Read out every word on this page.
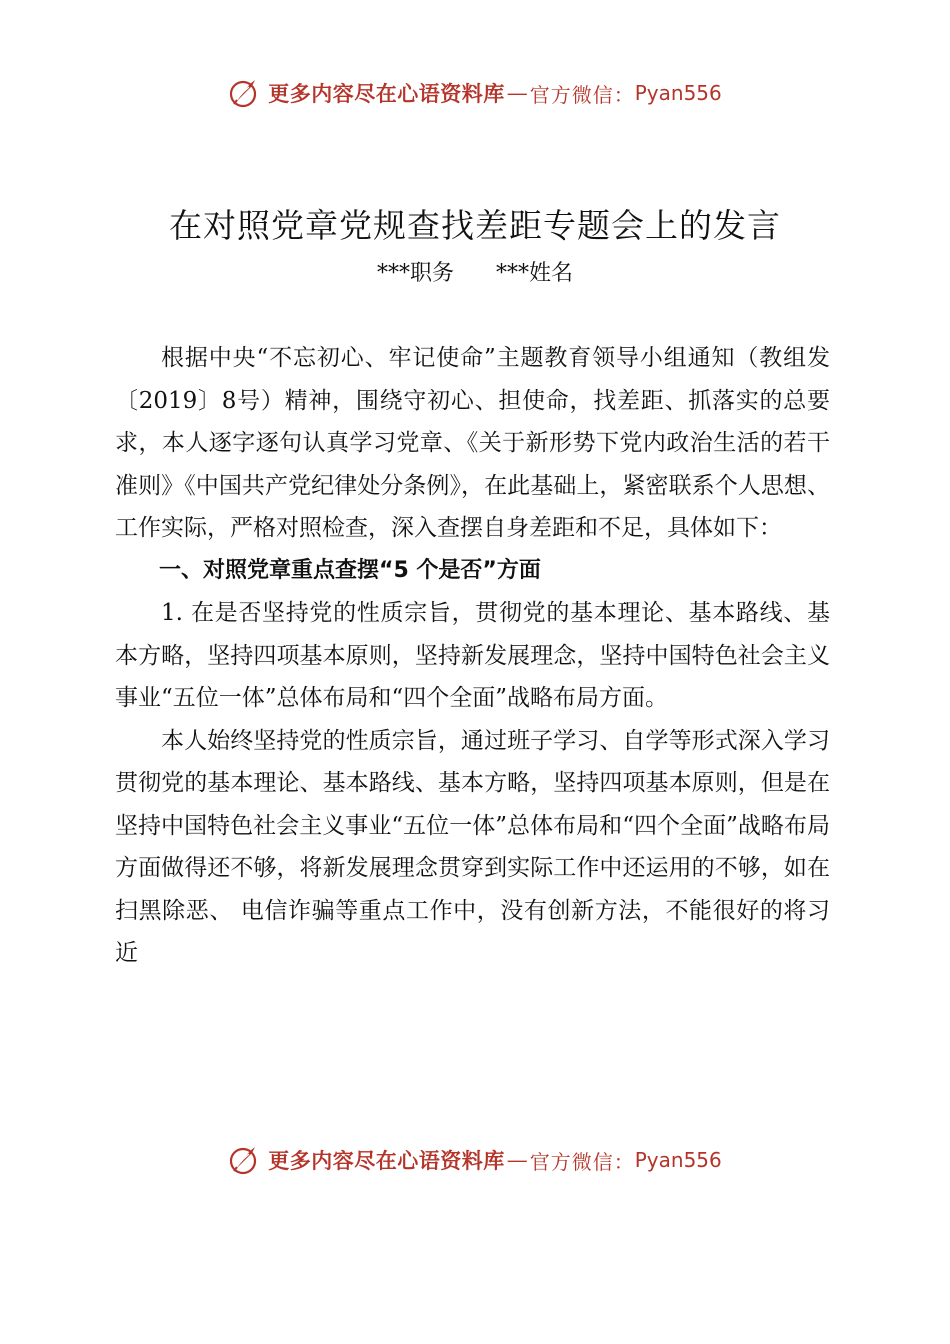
更多内容尽在心语资料库 — 官方微信： Pyan556
在对照党章党规查找差距专题会上的发言
***职务 ***姓名

根据中央“不忘初心、牢记使命”主题教育领导小组通知（教组发〔2019〕8号）精神，围绕守初心、担使命，找差距、抓落实的总要求，本人逐字逐句认真学习党章、《关于新形势下党内政治生活的若干准则》《中国共产党纪律处分条例》，在此基础上，紧密联系个人思想、工作实际，严格对照检查，深入查摆自身差距和不足，具体如下：

一、对照党章重点查摆“5 个是否”方面

1. 在是否坚持党的性质宗旨，贯彻党的基本理论、基本路线、基本方略，坚持四项基本原则，坚持新发展理念，坚持中国特色社会主义事业“五位一体”总体布局和“四个全面”战略布局方面。

本人始终坚持党的性质宗旨，通过班子学习、自学等形式深入学习贯彻党的基本理论、基本路线、基本方略，坚持四项基本原则，但是在坚持中国特色社会主义事业“五位一体”总体布局和“四个全面”战略布局方面做得还不够，将新发展理念贯穿到实际工作中还运用的不够，如在扫黑除恶、 电信诈骗等重点工作中，没有创新方法，不能很好的将习近

更多内容尽在心语资料库 — 官方微信： Pyan556
